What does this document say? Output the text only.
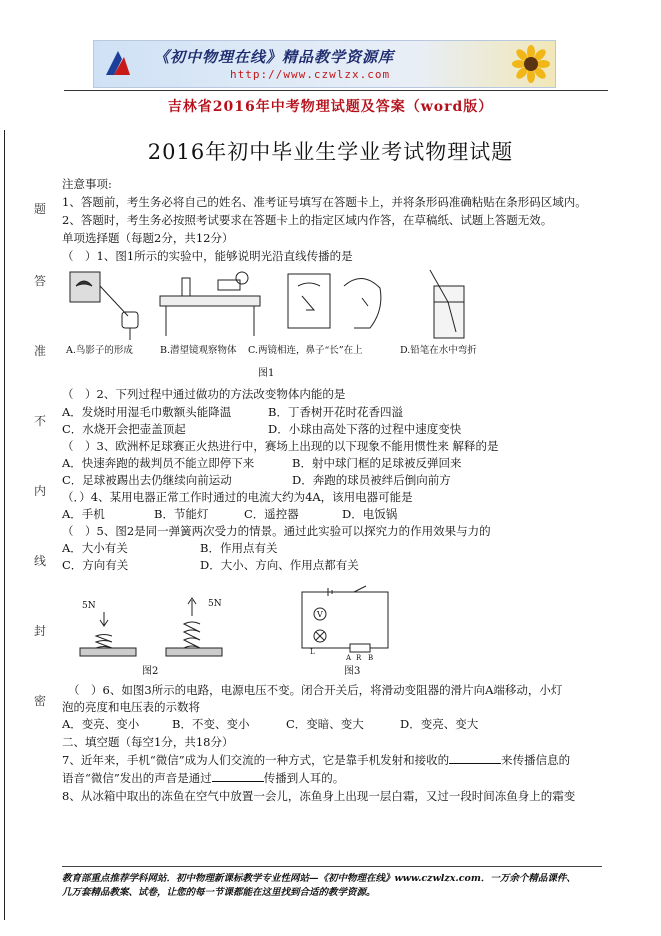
题
答
准
不
内
线
封
密
《初中物理在线》精品教学资源库
http://www.czwlzx.com
吉林省2016年中考物理试题及答案（word版）
2016年初中毕业生学业考试物理试题
注意事项:
1、答题前，考生务必将自己的姓名、准考证号填写在答题卡上，并将条形码准确粘贴在条形码区域内。
2、答题时，考生务必按照考试要求在答题卡上的指定区域内作答，在草稿纸、试题上答题无效。
单项选择题（每题2分，共12分）
（　）1、图1所示的实验中，能够说明光沿直线传播的是
A.鸟影子的形成	B.潜望镜观察物体 C.两镜相连，鼻子“长”在上	D.铅笔在水中弯折
图1
（　）2、下列过程中通过做功的方法改变物体内能的是
A．发烧时用湿毛巾敷额头能降温	B．丁香树开花时花香四溢
C．水烧开会把壶盖顶起	D．小球由高处下落的过程中速度变快
（　）3、欧洲杯足球赛正火热进行中，赛场上出现的以下现象不能用惯性来 解释的是
A．快速奔跑的裁判员不能立即停下来	B．射中球门框的足球被反弹回来
C．足球被踢出去仍继续向前运动	D．奔跑的球员被绊后倒向前方
（．）4、某用电器正常工作时通过的电流大约为4A，该用电器可能是
A．手机	B．节能灯	C．遥控器	D．电饭锅
（　）5、图2是同一弹簧两次受力的情景。通过此实验可以探究力的作用效果与力的
A．大小有关	B．作用点有关
C．方向有关	D．大小、方向、作用点都有关
5N	5N
图2
V
A R B
L
图3
（　）6、如图3所示的电路，电源电压不变。闭合开关后，将滑动变阻器的滑片向A端移动，小灯
泡的亮度和电压表的示数将
A．变亮、变小	B．不变、变小	C．变暗、变大	D．变亮、变大
二、填空题（每空1分，共18分）
7、近年来，手机“微信”成为人们交流的一种方式，它是靠手机发射和接收的	来传播信息的
语音“微信”发出的声音是通过	传播到人耳的。
8、从冰箱中取出的冻鱼在空气中放置一会儿，冻鱼身上出现一层白霜，又过一段时间冻鱼身上的霜变
教育部重点推荐学科网站．初中物理新课标教学专业性网站—《初中物理在线》www.czwlzx.com．一万余个精品课件、
几万套精品教案、试卷，让您的每一节课都能在这里找到合适的教学资源。
